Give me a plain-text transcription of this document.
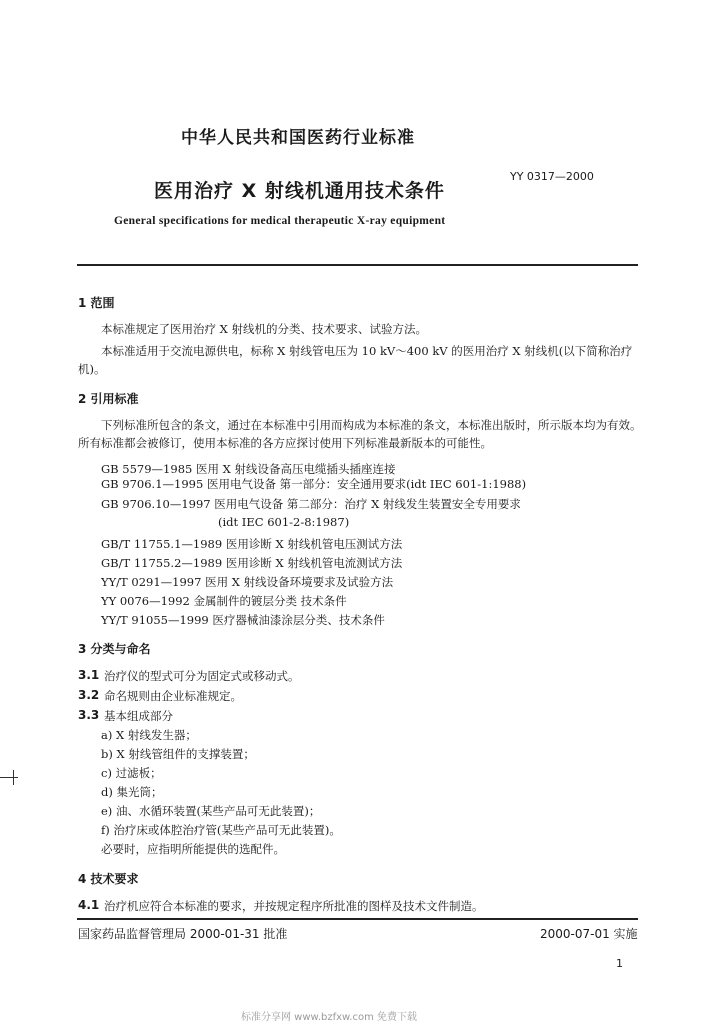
中华人民共和国医药行业标准
医用治疗 X 射线机通用技术条件
YY 0317—2000
General specifications for medical therapeutic X-ray equipment
1 范围
本标准规定了医用治疗 X 射线机的分类、技术要求、试验方法。
本标准适用于交流电源供电，标称 X 射线管电压为 10 kV～400 kV 的医用治疗 X 射线机(以下简称治疗机)。
2 引用标准
下列标准所包含的条文，通过在本标准中引用而构成为本标准的条文，本标准出版时，所示版本均为有效。所有标准都会被修订，使用本标准的各方应探讨使用下列标准最新版本的可能性。
GB 5579—1985 医用 X 射线设备高压电缆插头插座连接
GB 9706.1—1995 医用电气设备 第一部分：安全通用要求(idt IEC 601-1:1988)
GB 9706.10—1997 医用电气设备 第二部分：治疗 X 射线发生装置安全专用要求
(idt IEC 601-2-8:1987)
GB/T 11755.1—1989 医用诊断 X 射线机管电压测试方法
GB/T 11755.2—1989 医用诊断 X 射线机管电流测试方法
YY/T 0291—1997 医用 X 射线设备环境要求及试验方法
YY 0076—1992 金属制件的镀层分类 技术条件
YY/T 91055—1999 医疗器械油漆涂层分类、技术条件
3 分类与命名
3.1 治疗仪的型式可分为固定式或移动式。
3.2 命名规则由企业标准规定。
3.3 基本组成部分
a) X 射线发生器；
b) X 射线管组件的支撑装置；
c) 过滤板；
d) 集光筒；
e) 油、水循环装置(某些产品可无此装置)；
f) 治疗床或体腔治疗管(某些产品可无此装置)。
必要时，应指明所能提供的选配件。
4 技术要求
4.1 治疗机应符合本标准的要求，并按规定程序所批准的图样及技术文件制造。
国家药品监督管理局 2000-01-31 批准	2000-07-01 实施
1
标准分享网 www.bzfxw.com 免费下载
